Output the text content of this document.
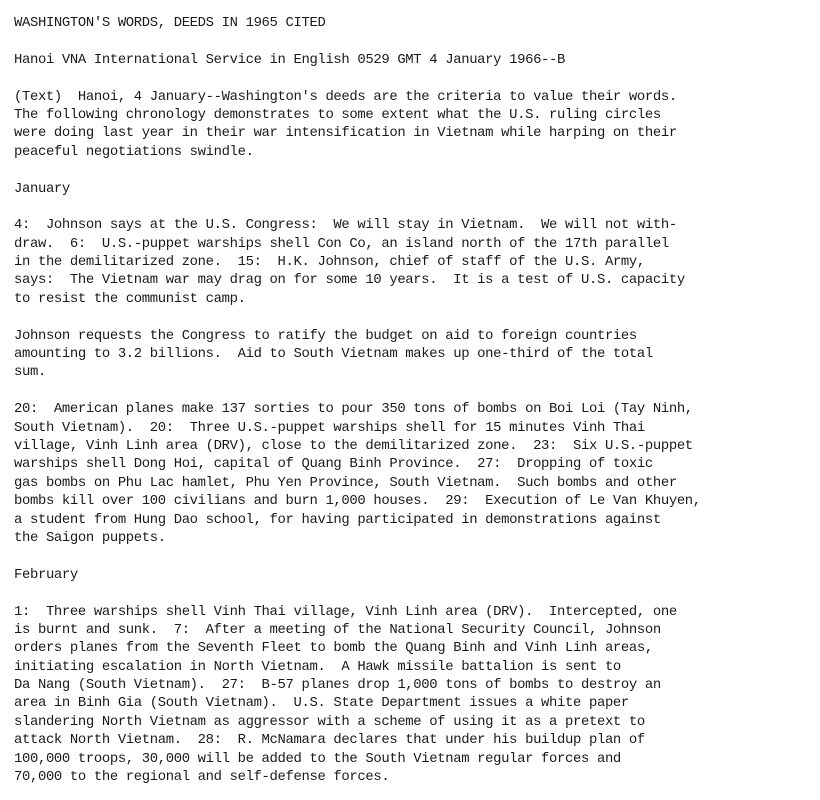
WASHINGTON'S WORDS, DEEDS IN 1965 CITED
Hanoi VNA International Service in English 0529 GMT 4 January 1966--B
(Text)  Hanoi, 4 January--Washington's deeds are the criteria to value their words.
The following chronology demonstrates to some extent what the U.S. ruling circles
were doing last year in their war intensification in Vietnam while harping on their
peaceful negotiations swindle.
January
4:  Johnson says at the U.S. Congress:  We will stay in Vietnam.  We will not with-
draw.  6:  U.S.-puppet warships shell Con Co, an island north of the 17th parallel
in the demilitarized zone.  15:  H.K. Johnson, chief of staff of the U.S. Army,
says:  The Vietnam war may drag on for some 10 years.  It is a test of U.S. capacity
to resist the communist camp.
Johnson requests the Congress to ratify the budget on aid to foreign countries
amounting to 3.2 billions.  Aid to South Vietnam makes up one-third of the total
sum.
20:  American planes make 137 sorties to pour 350 tons of bombs on Boi Loi (Tay Ninh,
South Vietnam).  20:  Three U.S.-puppet warships shell for 15 minutes Vinh Thai
village, Vinh Linh area (DRV), close to the demilitarized zone.  23:  Six U.S.-puppet
warships shell Dong Hoi, capital of Quang Binh Province.  27:  Dropping of toxic
gas bombs on Phu Lac hamlet, Phu Yen Province, South Vietnam.  Such bombs and other
bombs kill over 100 civilians and burn 1,000 houses.  29:  Execution of Le Van Khuyen,
a student from Hung Dao school, for having participated in demonstrations against
the Saigon puppets.
February
1:  Three warships shell Vinh Thai village, Vinh Linh area (DRV).  Intercepted, one
is burnt and sunk.  7:  After a meeting of the National Security Council, Johnson
orders planes from the Seventh Fleet to bomb the Quang Binh and Vinh Linh areas,
initiating escalation in North Vietnam.  A Hawk missile battalion is sent to
Da Nang (South Vietnam).  27:  B-57 planes drop 1,000 tons of bombs to destroy an
area in Binh Gia (South Vietnam).  U.S. State Department issues a white paper
slandering North Vietnam as aggressor with a scheme of using it as a pretext to
attack North Vietnam.  28:  R. McNamara declares that under his buildup plan of
100,000 troops, 30,000 will be added to the South Vietnam regular forces and
70,000 to the regional and self-defense forces.
